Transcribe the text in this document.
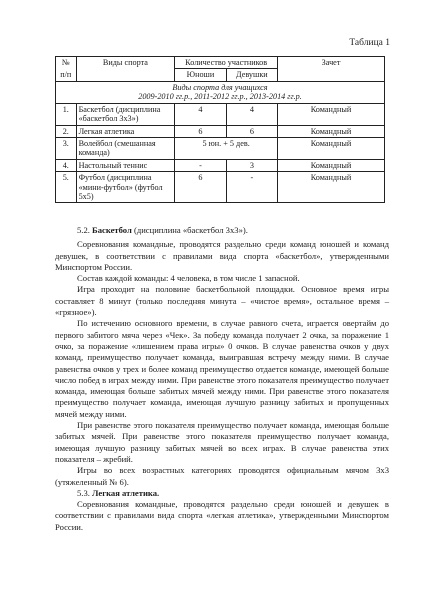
Таблица 1
№	Виды спорта	Количество участников		Зачет
п/п		Юноши	Девушки	

Виды спорта для учащихся
2009-2010 гг.р., 2011-2012 гг.р., 2013-2014 гг.р.				

1.	Баскетбол (дисциплина «баскетбол 3х3»)	4	4	Командный
2.	Легкая атлетика	6	6	Командный
3.	Волейбол (смешанная команда)	5 юн. + 5 дев.		Командный
4.	Настольный теннис	-	3	Командный
5.	Футбол (дисциплина «мини-футбол» (футбол 5х5)	6	-	Командный

5.2. Баскетбол (дисциплина «баскетбол 3х3»).

Соревнования командные, проводятся раздельно среди команд юношей и команд девушек, в соответствии с правилами вида спорта «баскетбол», утвержденными Минспортом России.

Состав каждой команды: 4 человека, в том числе 1 запасной.

Игра проходит на половине баскетбольной площадки. Основное время игры составляет 8 минут (только последняя минута – «чистое время», остальное время – «грязное»).

По истечению основного времени, в случае равного счета, играется овертайм до первого забитого мяча через «Чек». За победу команда получает 2 очка, за поражение 1 очко, за поражение «лишением права игры» 0 очков. В случае равенства очков у двух команд, преимущество получает команда, выигравшая встречу между ними. В случае равенства очков у трех и более команд преимущество отдается команде, имеющей больше число побед в играх между ними. При равенстве этого показателя преимущество получает команда, имеющая больше забитых мячей между ними. При равенстве этого показателя преимущество получает команда, имеющая лучшую разницу забитых и пропущенных мячей между ними.

При равенстве этого показателя преимущество получает команда, имеющая больше забитых мячей. При равенстве этого показателя преимущество получает команда, имеющая лучшую разницу забитых мячей во всех играх. В случае равенства этих показателя – жребий.

Игры во всех возрастных категориях проводятся официальным мячом 3х3 (утяжеленный № 6).

5.3. Легкая атлетика.

Соревнования командные, проводятся раздельно среди юношей и девушек в соответствии с правилами вида спорта «легкая атлетика», утвержденными Минспортом России.
